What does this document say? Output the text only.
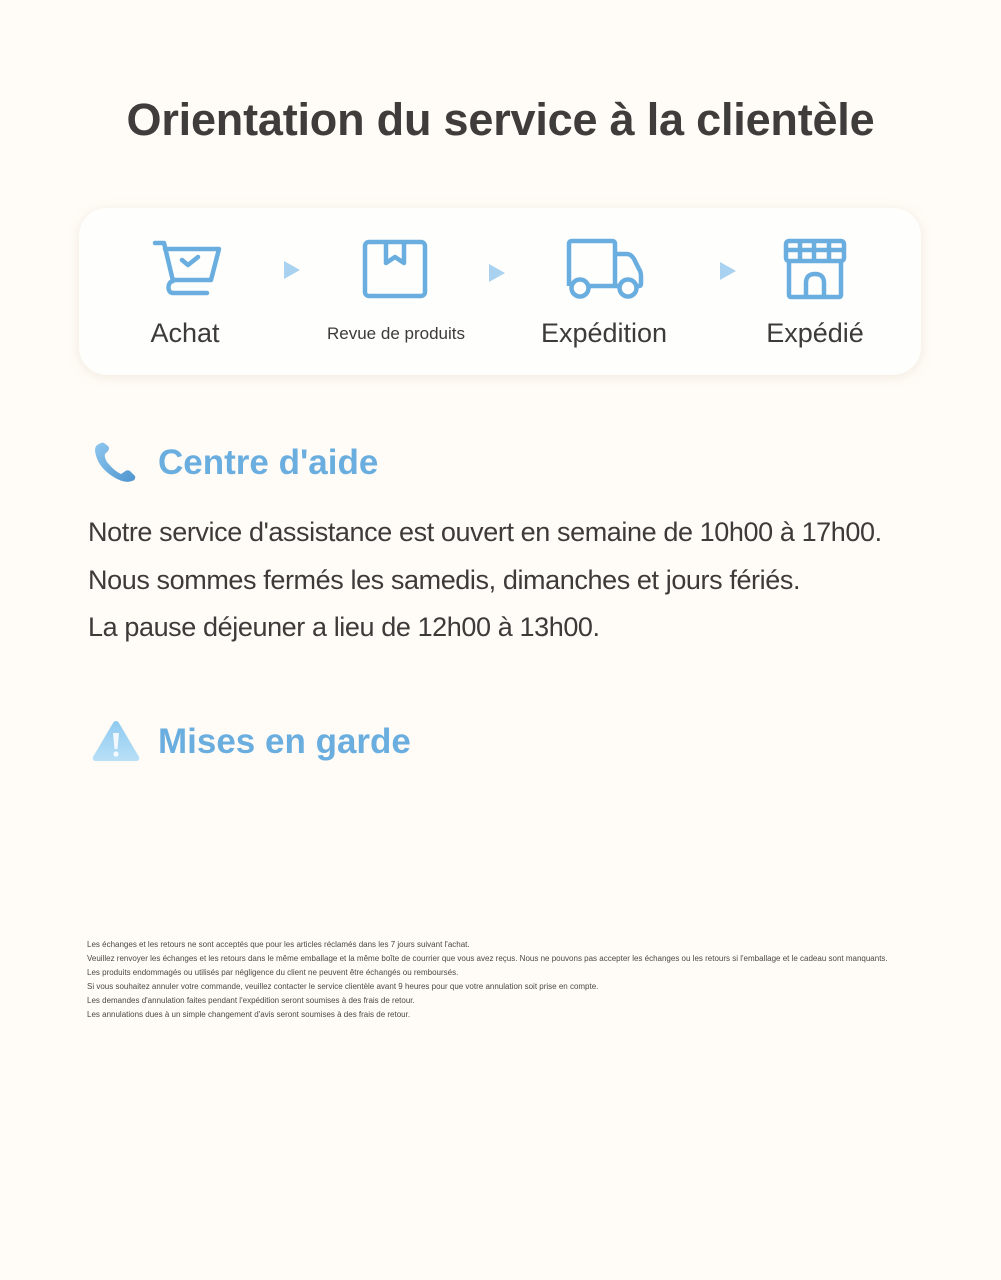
Orientation du service à la clientèle
Achat	Revue de produits	Expédition	Expédié
Centre d'aide

Notre service d'assistance est ouvert en semaine de 10h00 à 17h00.

Nous sommes fermés les samedis, dimanches et jours fériés.

La pause déjeuner a lieu de 12h00 à 13h00.

Mises en garde

Les échanges et les retours ne sont acceptés que pour les articles réclamés dans les 7 jours suivant l'achat.

Veuillez renvoyer les échanges et les retours dans le même emballage et la même boîte de courrier que vous avez reçus. Nous ne pouvons pas accepter les échanges ou les retours si l'emballage et le cadeau sont manquants.

Les produits endommagés ou utilisés par négligence du client ne peuvent être échangés ou remboursés.

Si vous souhaitez annuler votre commande, veuillez contacter le service clientèle avant 9 heures pour que votre annulation soit prise en compte.

Les demandes d'annulation faites pendant l'expédition seront soumises à des frais de retour.

Les annulations dues à un simple changement d'avis seront soumises à des frais de retour.
